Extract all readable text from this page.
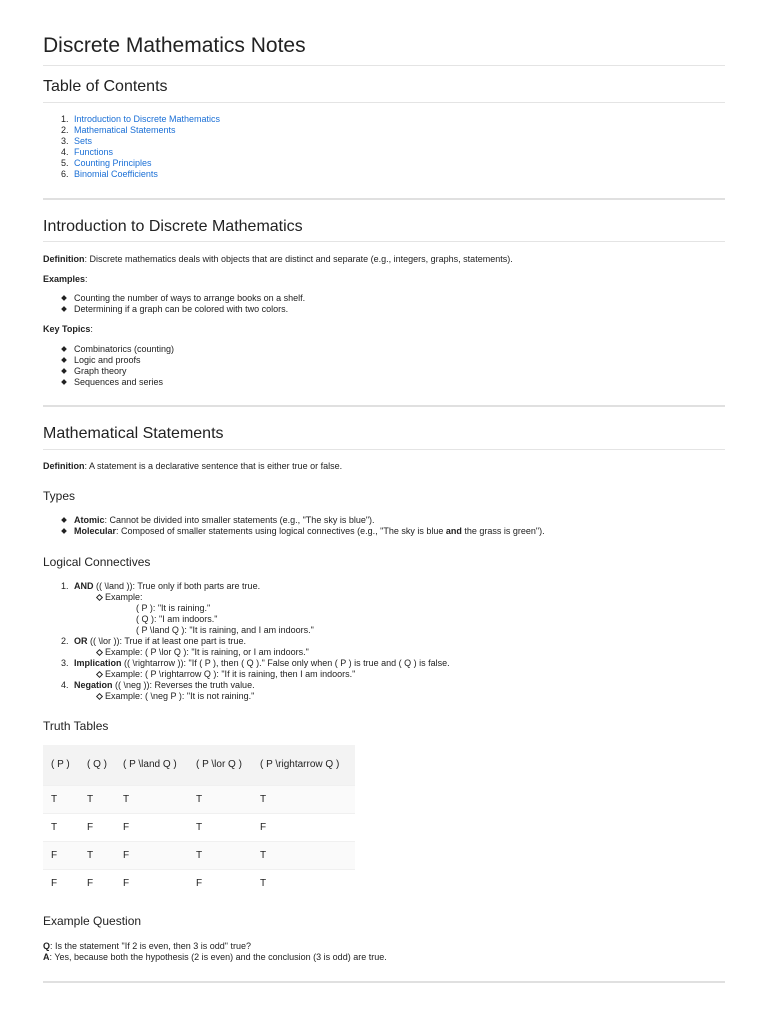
Discrete Mathematics Notes
Table of Contents
1. Introduction to Discrete Mathematics
2. Mathematical Statements
3. Sets
4. Functions
5. Counting Principles
6. Binomial Coefficients
Introduction to Discrete Mathematics

Definition: Discrete mathematics deals with objects that are distinct and separate (e.g., integers, graphs, statements).

Examples:

Counting the number of ways to arrange books on a shelf.
Determining if a graph can be colored with two colors.

Key Topics:

Combinatorics (counting)
Logic and proofs
Graph theory
Sequences and series
Mathematical Statements

Definition: A statement is a declarative sentence that is either true or false.

Types
Atomic: Cannot be divided into smaller statements (e.g., "The sky is blue").
Molecular: Composed of smaller statements using logical connectives (e.g., "The sky is blue and the grass is green").
Logical Connectives
1. AND (( \land )): True only if both parts are true.
Example:
( P ): "It is raining."
( Q ): "I am indoors."
( P \land Q ): "It is raining, and I am indoors."
2. OR (( \lor )): True if at least one part is true.
Example: ( P \lor Q ): "It is raining, or I am indoors."
3. Implication (( \rightarrow )): "If ( P ), then ( Q )." False only when ( P ) is true and ( Q ) is false.
Example: ( P \rightarrow Q ): "If it is raining, then I am indoors."
4. Negation (( \neg )): Reverses the truth value.
Example: ( \neg P ): "It is not raining."
Truth Tables
( P )	( Q )	( P \land Q )	( P \lor Q )	( P \rightarrow Q )
T	T	T	T	T
T	F	F	T	F
F	T	F	T	T
F	F	F	F	T
Example Question

Q: Is the statement "If 2 is even, then 3 is odd" true?

A: Yes, because both the hypothesis (2 is even) and the conclusion (3 is odd) are true.
